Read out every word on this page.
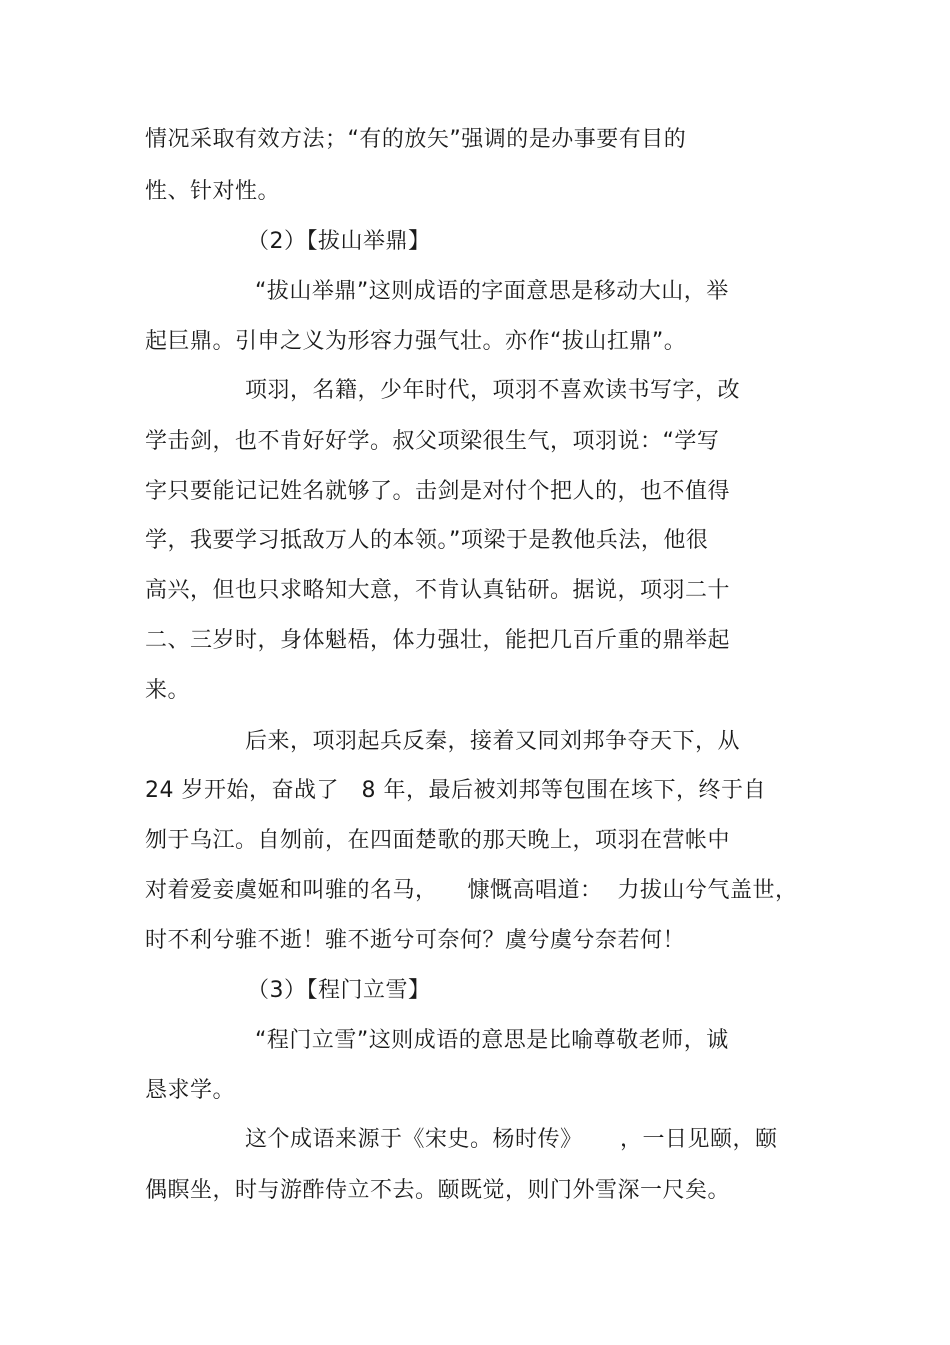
情况采取有效方法；“有的放矢”强调的是办事要有目的
性、针对性。
（2）【拔山举鼎】
“拔山举鼎”这则成语的字面意思是移动大山，举
起巨鼎。引申之义为形容力强气壮。亦作“拔山扛鼎”。
项羽，名籍，少年时代，项羽不喜欢读书写字，改
学击剑，也不肯好好学。叔父项梁很生气，项羽说：“学写
字只要能记记姓名就够了。击剑是对付个把人的，也不值得
学，我要学习抵敌万人的本领。”项梁于是教他兵法，他很
高兴，但也只求略知大意，不肯认真钻研。据说，项羽二十
二、三岁时，身体魁梧，体力强壮，能把几百斤重的鼎举起
来。
后来，项羽起兵反秦，接着又同刘邦争夺天下，从
24 岁开始，奋战了   8 年，最后被刘邦等包围在垓下，终于自
刎于乌江。自刎前，在四面楚歌的那天晚上，项羽在营帐中
对着爱妾虞姬和叫骓的名马，    慷慨高唱道：  力拔山兮气盖世，
时不利兮骓不逝！骓不逝兮可奈何？虞兮虞兮奈若何！
（3）【程门立雪】
“程门立雪”这则成语的意思是比喻尊敬老师，诚
恳求学。
这个成语来源于《宋史。杨时传》     ，一日见颐，颐
偶瞑坐，时与游酢侍立不去。颐既觉，则门外雪深一尺矣。
